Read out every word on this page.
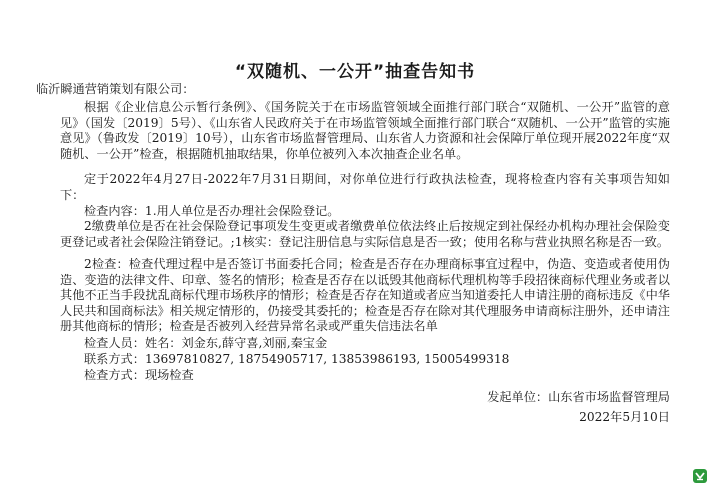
“双随机、一公开”抽查告知书
临沂瞬通营销策划有限公司：
根据《企业信息公示暂行条例》、《国务院关于在市场监管领域全面推行部门联合“双随机、一公开”监管的意见》（国发〔2019〕5号）、《山东省人民政府关于在市场监管领域全面推行部门联合“双随机、一公开”监管的实施意见》（鲁政发〔2019〕10号），山东省市场监督管理局、山东省人力资源和社会保障厅单位现开展2022年度“双随机、一公开”检查，根据随机抽取结果，你单位被列入本次抽查企业名单。
定于2022年4月27日-2022年7月31日期间，对你单位进行行政执法检查，现将检查内容有关事项告知如下：
检查内容：1.用人单位是否办理社会保险登记。
2缴费单位是否在社会保险登记事项发生变更或者缴费单位依法终止后按规定到社保经办机构办理社会保险变更登记或者社会保险注销登记。;1核实：登记注册信息与实际信息是否一致；使用名称与营业执照名称是否一致。
2检查：检查代理过程中是否签订书面委托合同；检查是否存在办理商标事宜过程中，伪造、变造或者使用伪造、变造的法律文件、印章、签名的情形；检查是否存在以诋毁其他商标代理机构等手段招徕商标代理业务或者以其他不正当手段扰乱商标代理市场秩序的情形；检查是否存在知道或者应当知道委托人申请注册的商标违反《中华人民共和国商标法》相关规定情形的，仍接受其委托的；检查是否存在除对其代理服务申请商标注册外，还申请注册其他商标的情形；检查是否被列入经营异常名录或严重失信违法名单
检查人员：姓名：刘金东,薛守喜,刘丽,秦宝金
联系方式：13697810827, 18754905717, 13853986193, 15005499318
检查方式：现场检查
发起单位：山东省市场监督管理局
2022年5月10日
